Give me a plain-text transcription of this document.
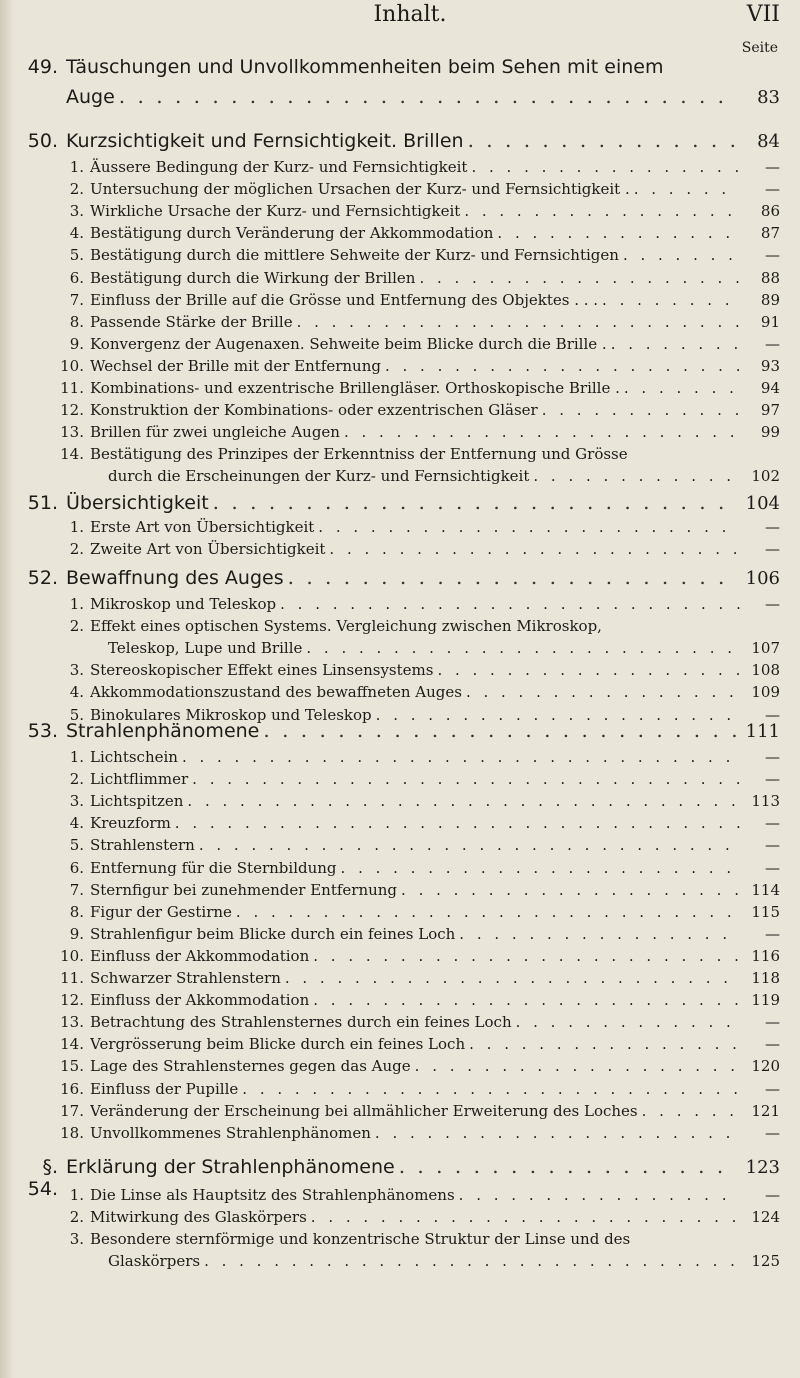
Inhalt.	VII
Seite
49. Täuschungen und Unvollkommenheiten beim Sehen mit einem
Auge . . .	83
50. Kurzsichtigkeit und Fernsichtigkeit. Brillen . . .	84
1. Äussere Bedingung der Kurz- und Fernsichtigkeit . . .	—
2. Untersuchung der möglichen Ursachen der Kurz- und Fernsichtigkeit . . . .	—
3. Wirkliche Ursache der Kurz- und Fernsichtigkeit . . .	86
4. Bestätigung durch Veränderung der Akkommodation . . .	87
5. Bestätigung durch die mittlere Sehweite der Kurz- und Fernsichtigen . . .	—
6. Bestätigung durch die Wirkung der Brillen . . .	88
7. Einfluss der Brille auf die Grösse und Entfernung des Objektes . . . . . .	89
8. Passende Stärke der Brille . . .	91
9. Konvergenz der Augenaxen. Sehweite beim Blicke durch die Brille . . . .	—
10. Wechsel der Brille mit der Entfernung . . .	93
11. Kombinations- und exzentrische Brillengläser. Orthoskopische Brille . . . .	94
12. Konstruktion der Kombinations- oder exzentrischen Gläser . . .	97
13. Brillen für zwei ungleiche Augen . . .	99
14. Bestätigung des Prinzipes der Erkenntniss der Entfernung und Grösse
durch die Erscheinungen der Kurz- und Fernsichtigkeit . . .	102
51. Übersichtigkeit . . .	104
1. Erste Art von Übersichtigkeit . . .	—
2. Zweite Art von Übersichtigkeit . . .	—
52. Bewaffnung des Auges . . .	106
1. Mikroskop und Teleskop . . .	—
2. Effekt eines optischen Systems. Vergleichung zwischen Mikroskop,
Teleskop, Lupe und Brille . . .	107
3. Stereoskopischer Effekt eines Linsensystems . . .	108
4. Akkommodationszustand des bewaffneten Auges . . .	109
5. Binokulares Mikroskop und Teleskop . . .	—
53. Strahlenphänomene . . .	111
1. Lichtschein . . .	—
2. Lichtflimmer . . .	—
3. Lichtspitzen . . .	113
4. Kreuzform . . .	—
5. Strahlenstern . . .	—
6. Entfernung für die Sternbildung . . .	—
7. Sternfigur bei zunehmender Entfernung . . .	114
8. Figur der Gestirne . . .	115
9. Strahlenfigur beim Blicke durch ein feines Loch . . .	—
10. Einfluss der Akkommodation . . .	116
11. Schwarzer Strahlenstern . . .	118
12. Einfluss der Akkommodation . . .	119
13. Betrachtung des Strahlensternes durch ein feines Loch . . .	—
14. Vergrösserung beim Blicke durch ein feines Loch . . .	—
15. Lage des Strahlensternes gegen das Auge . . .	120
16. Einfluss der Pupille . . .	—
17. Veränderung der Erscheinung bei allmählicher Erweiterung des Loches . . .	121
18. Unvollkommenes Strahlenphänomen . . .	—
§. 54.
Erklärung der Strahlenphänomene . . .	123
1. Die Linse als Hauptsitz des Strahlenphänomens . . .	—
2. Mitwirkung des Glaskörpers . . .	124
3. Besondere sternförmige und konzentrische Struktur der Linse und des
Glaskörpers . . .	125
